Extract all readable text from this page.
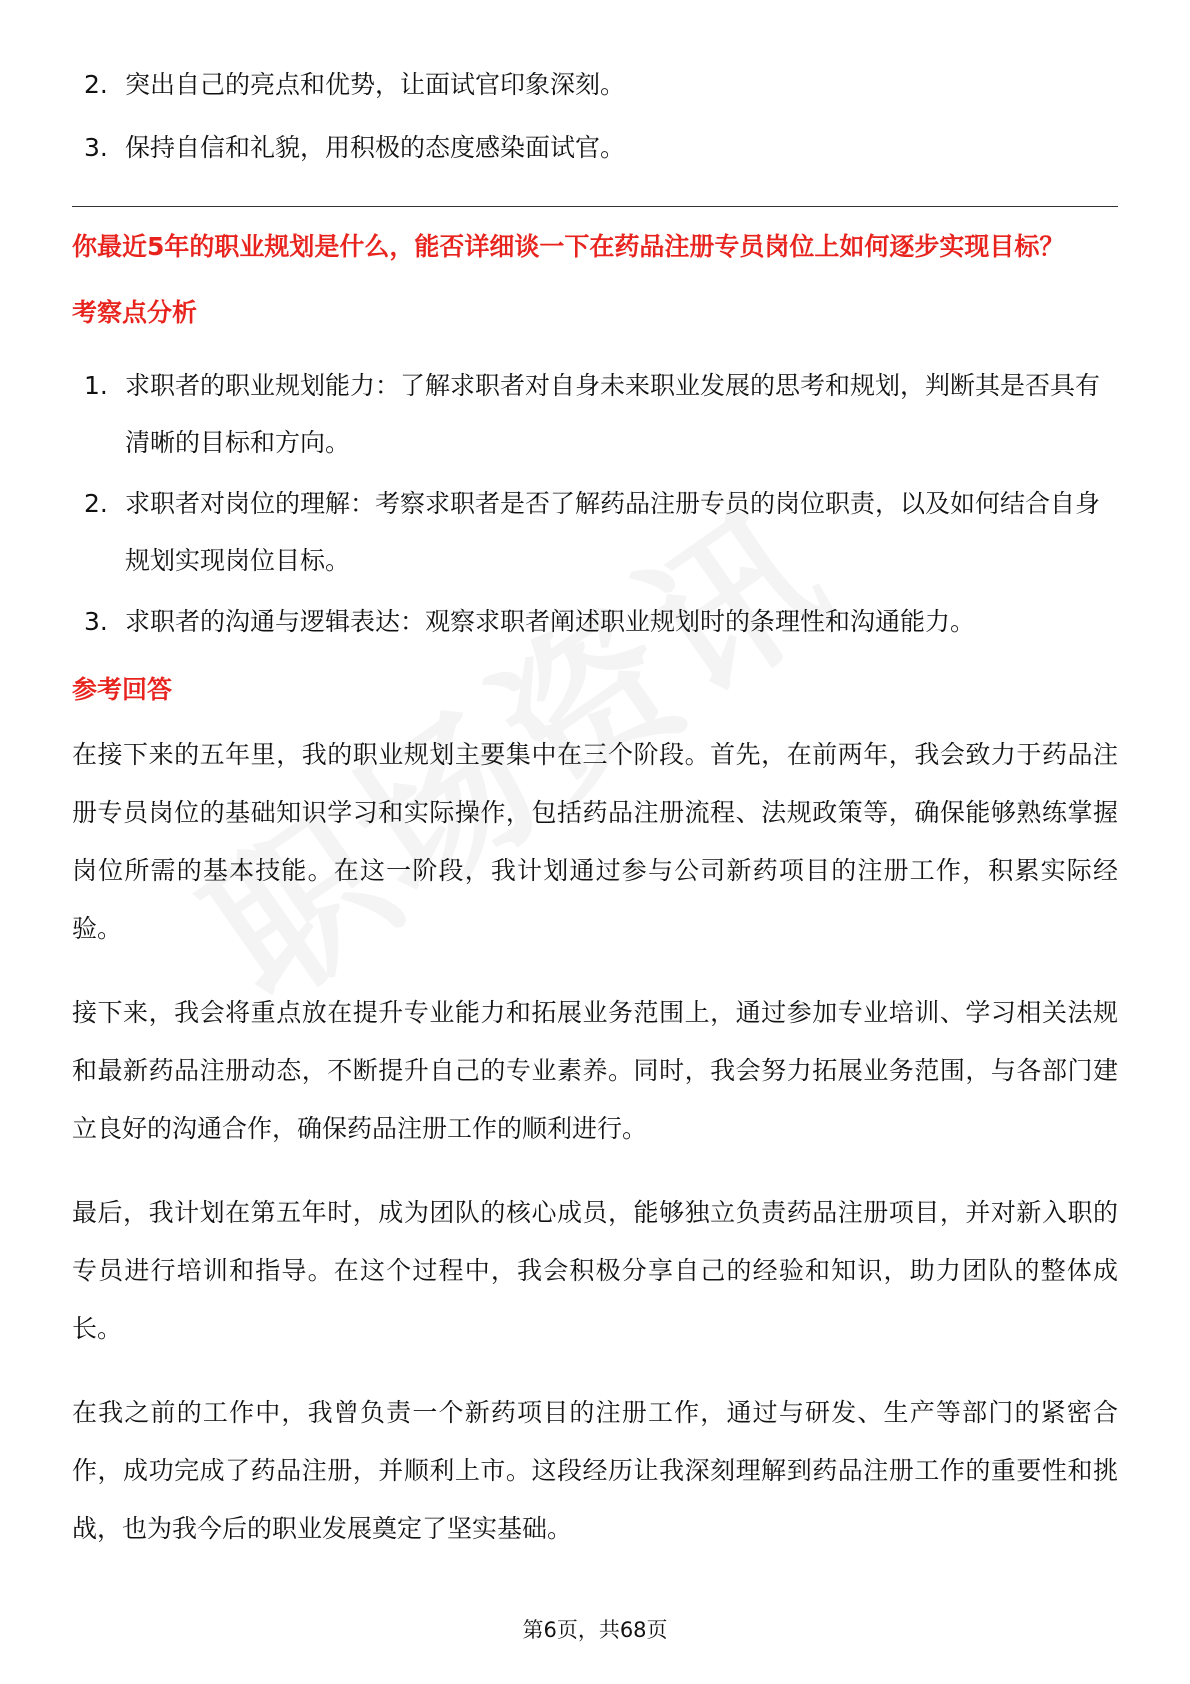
2. 突出自己的亮点和优势，让面试官印象深刻。
3. 保持自信和礼貌，用积极的态度感染面试官。

你最近5年的职业规划是什么，能否详细谈一下在药品注册专员岗位上如何逐步实现目标？

考察点分析
1. 求职者的职业规划能力：了解求职者对自身未来职业发展的思考和规划，判断其是否具有清晰的目标和方向。
2. 求职者对岗位的理解：考察求职者是否了解药品注册专员的岗位职责，以及如何结合自身规划实现岗位目标。
3. 求职者的沟通与逻辑表达：观察求职者阐述职业规划时的条理性和沟通能力。
参考回答

在接下来的五年里，我的职业规划主要集中在三个阶段。首先，在前两年，我会致力于药品注册专员岗位的基础知识学习和实际操作，包括药品注册流程、法规政策等，确保能够熟练掌握岗位所需的基本技能。在这一阶段，我计划通过参与公司新药项目的注册工作，积累实际经验。

接下来，我会将重点放在提升专业能力和拓展业务范围上，通过参加专业培训、学习相关法规和最新药品注册动态，不断提升自己的专业素养。同时，我会努力拓展业务范围，与各部门建立良好的沟通合作，确保药品注册工作的顺利进行。

最后，我计划在第五年时，成为团队的核心成员，能够独立负责药品注册项目，并对新入职的专员进行培训和指导。在这个过程中，我会积极分享自己的经验和知识，助力团队的整体成长。

在我之前的工作中，我曾负责一个新药项目的注册工作，通过与研发、生产等部门的紧密合作，成功完成了药品注册，并顺利上市。这段经历让我深刻理解到药品注册工作的重要性和挑战，也为我今后的职业发展奠定了坚实基础。

第6页，共68页
